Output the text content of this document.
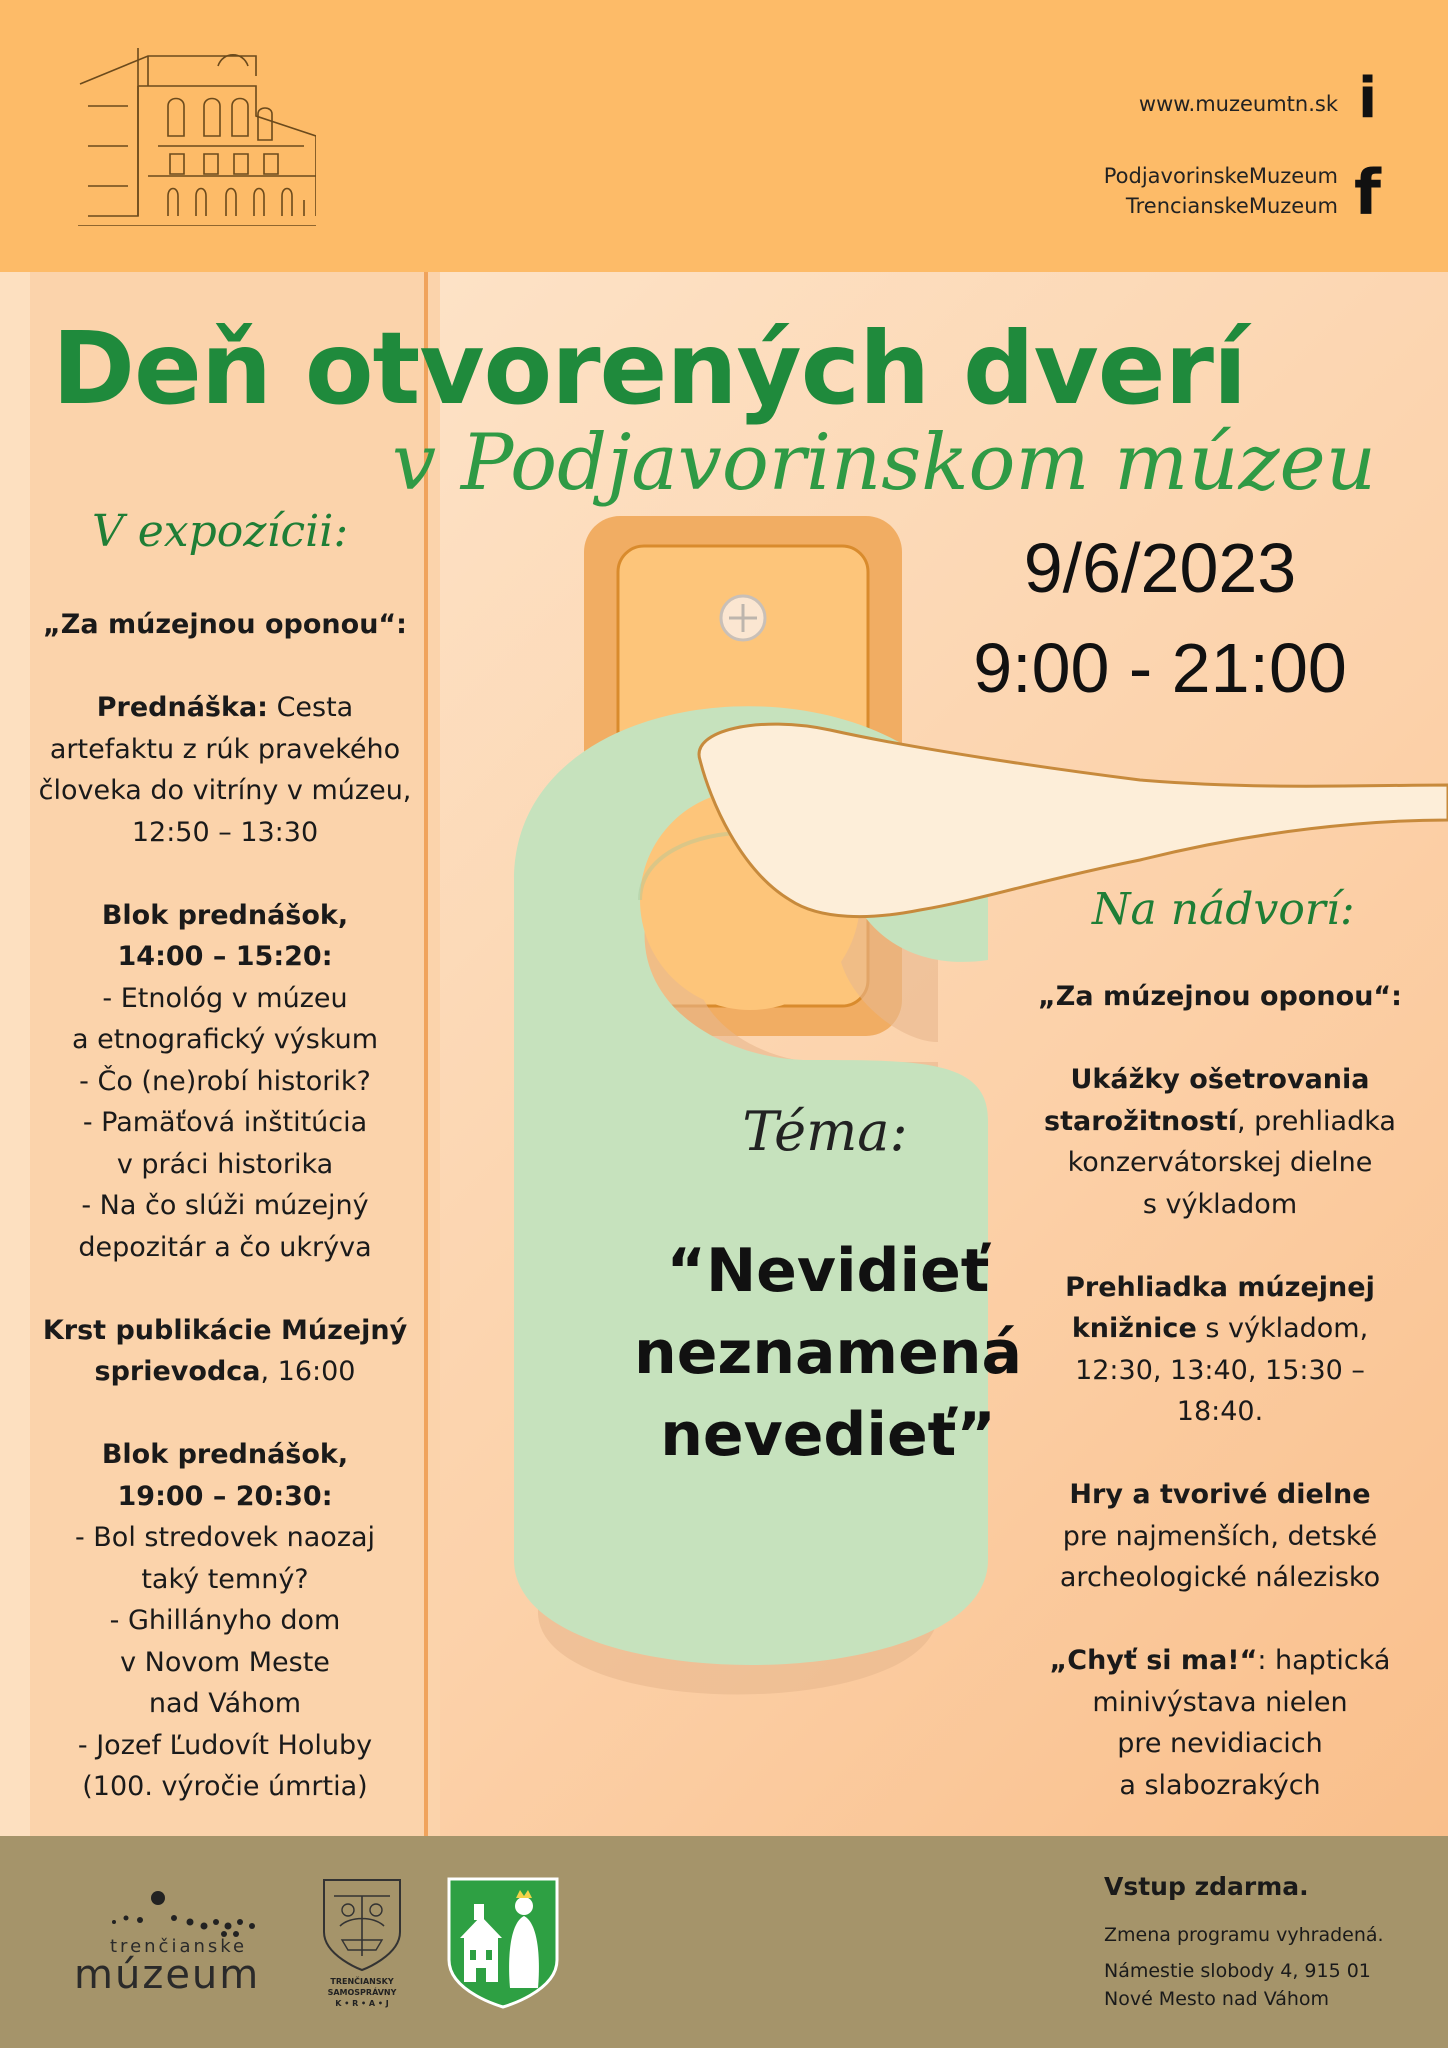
www.muzeumtn.sk i
PodjavorinskeMuzeum
TrencianskeMuzeum f
Deň otvorených dverí
v Podjavorinskom múzeu
9/6/2023
9:00 - 21:00
V expozícii:

„Za múzejnou oponou“:

Prednáška: Cesta

artefaktu z rúk pravekého

človeka do vitríny v múzeu,

12:50 – 13:30

Blok prednášok,

14:00 – 15:20:

- Etnológ v múzeu

a etnografický výskum

- Čo (ne)robí historik?

- Pamäťová inštitúcia

v práci historika

- Na čo slúži múzejný

depozitár a čo ukrýva

Krst publikácie Múzejný

sprievodca, 16:00

Blok prednášok,

19:00 – 20:30:

- Bol stredovek naozaj

taký temný?

- Ghillányho dom

v Novom Meste

nad Váhom

- Jozef Ľudovít Holuby

(100. výročie úmrtia)

Téma:
“Nevidieť
neznamená
nevedieť”
Na nádvorí:

„Za múzejnou oponou“:

Ukážky ošetrovania

starožitností, prehliadka

konzervátorskej dielne

s výkladom

Prehliadka múzejnej

knižnice s výkladom,

12:30, 13:40, 15:30 –

18:40.

Hry a tvorivé dielne

pre najmenších, detské

archeologické nálezisko

„Chyť si ma!“: haptická

minivýstava nielen

pre nevidiacich

a slabozrakých

trenčianske
múzeum	TRENČIANSKY
SAMOSPRÁVNY
K • R • A • J
Vstup zdarma.
Zmena programu vyhradená.
Námestie slobody 4, 915 01
Nové Mesto nad Váhom
